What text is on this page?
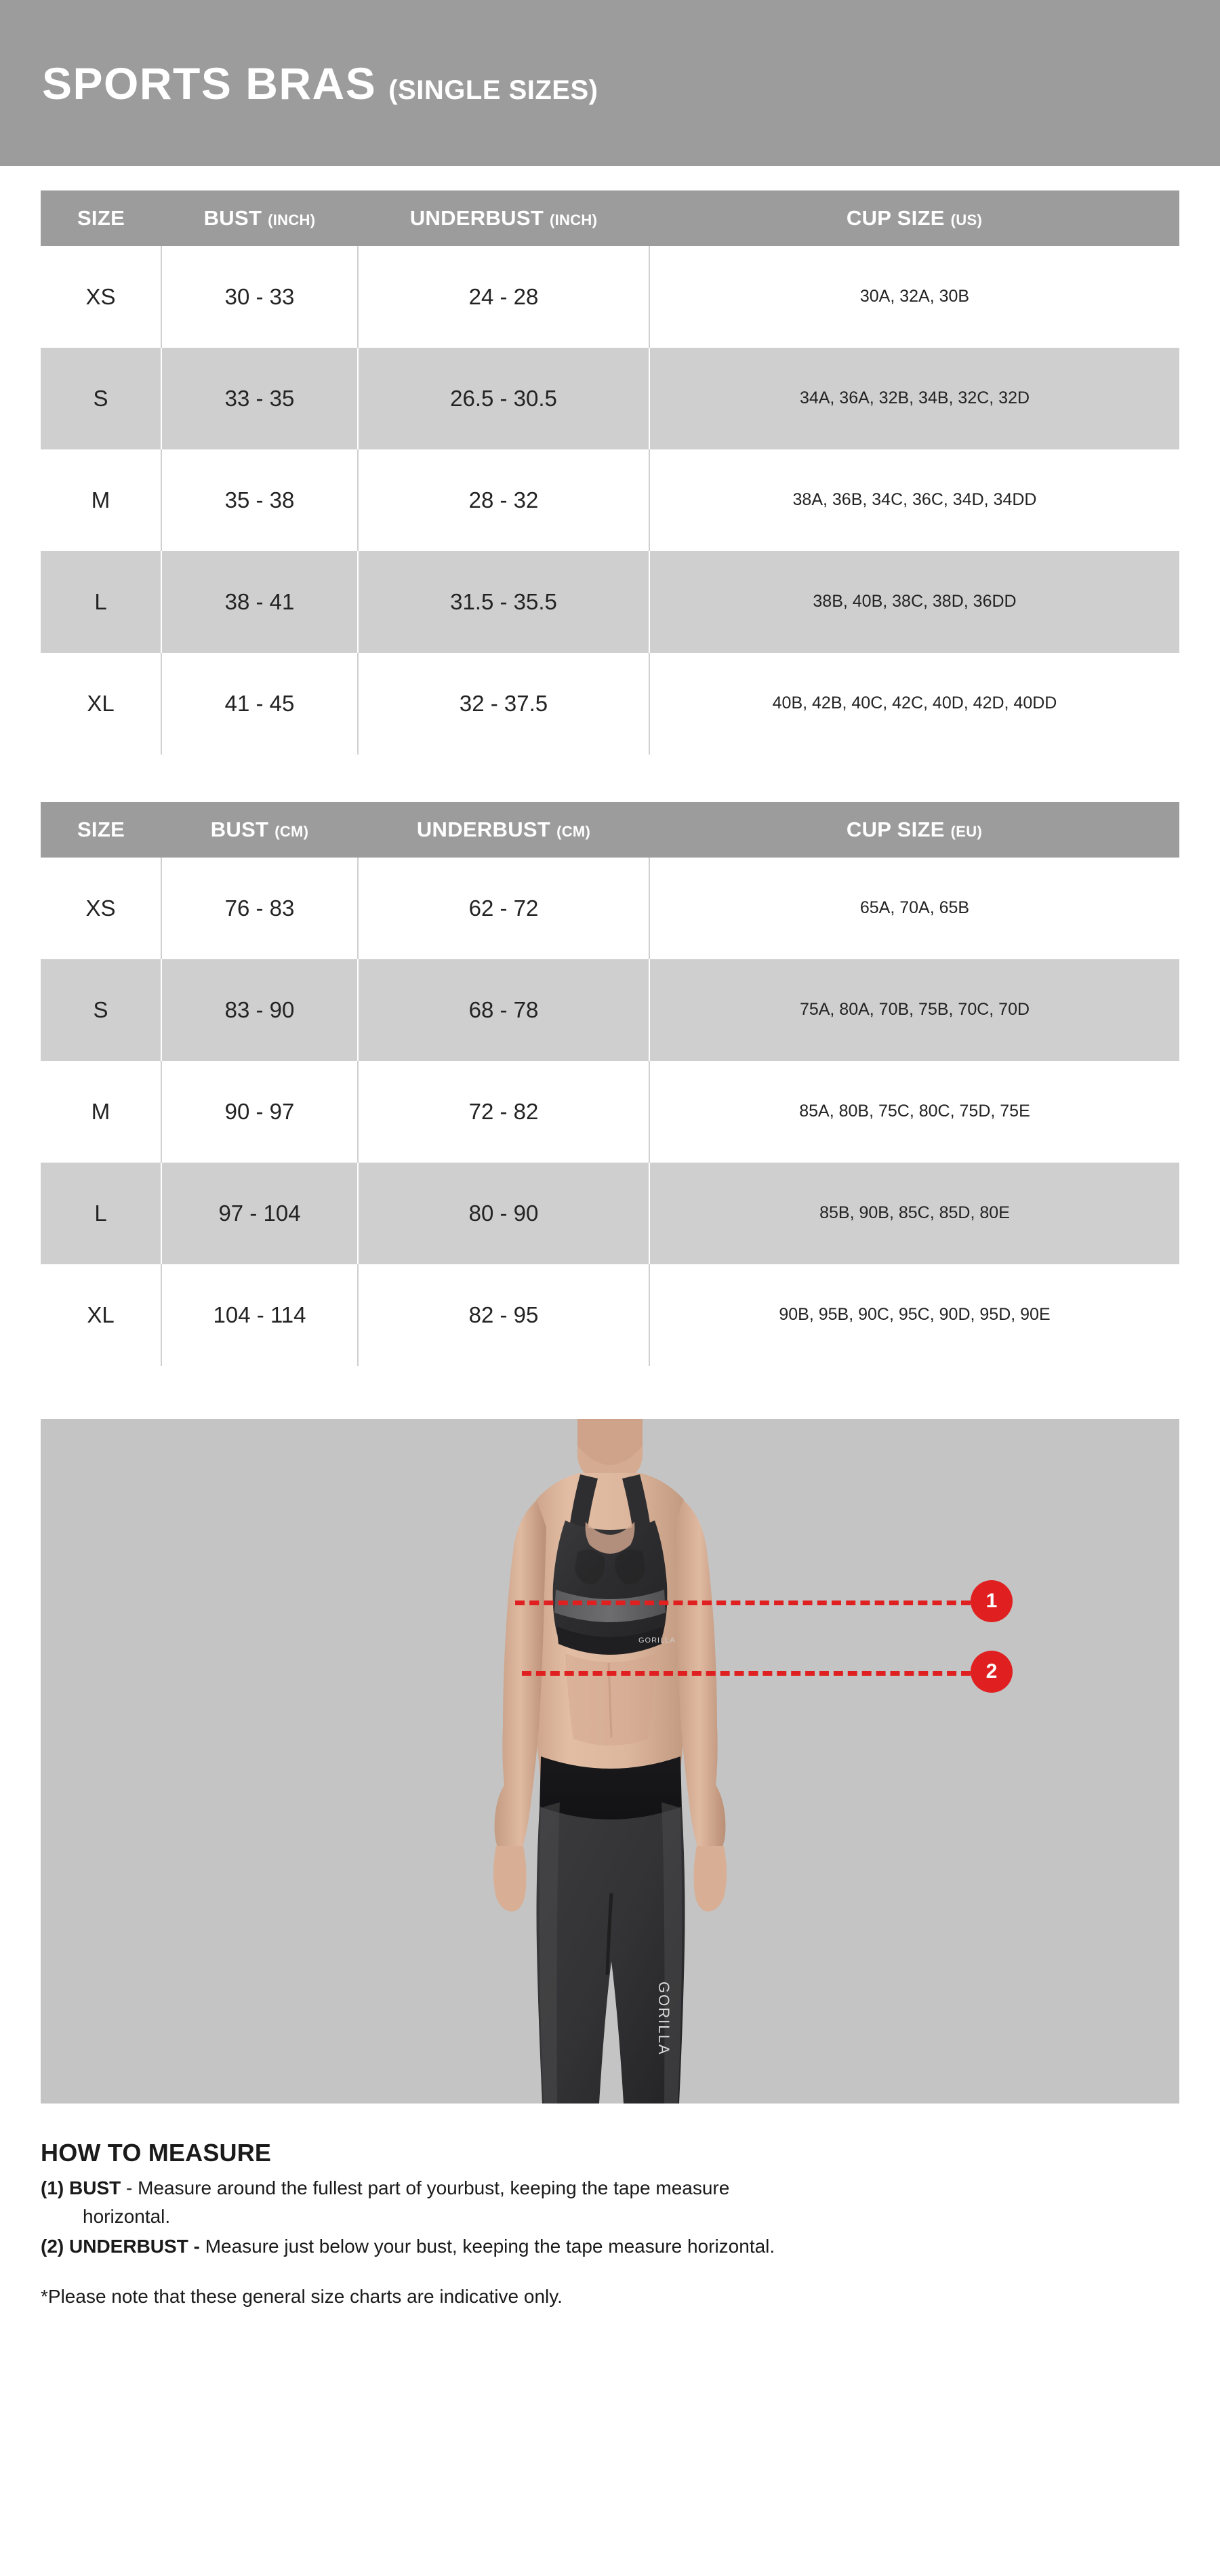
SPORTS BRAS (SINGLE SIZES)
SIZE	BUST (INCH)	UNDERBUST (INCH)	CUP SIZE (US)
XS	30 - 33	24 - 28	30A, 32A, 30B
S	33 - 35	26.5 - 30.5	34A, 36A, 32B, 34B, 32C, 32D
M	35 - 38	28 - 32	38A, 36B, 34C, 36C, 34D, 34DD
L	38 - 41	31.5 - 35.5	38B, 40B, 38C, 38D, 36DD
XL	41 - 45	32 - 37.5	40B, 42B, 40C, 42C, 40D, 42D, 40DD
SIZE	BUST (CM)	UNDERBUST (CM)	CUP SIZE (EU)
XS	76 - 83	62 - 72	65A, 70A, 65B
S	83 - 90	68 - 78	75A, 80A, 70B, 75B, 70C, 70D
M	90 - 97	72 - 82	85A, 80B, 75C, 80C, 75D, 75E
L	97 - 104	80 - 90	85B, 90B, 85C, 85D, 80E
XL	104 - 114	82 - 95	90B, 95B, 90C, 95C, 90D, 95D, 90E
GORILLA
GORILLA
1
2
HOW TO MEASURE
(1) BUST - Measure around the fullest part of yourbust, keeping the tape measure
horizontal.
(2) UNDERBUST - Measure just below your bust, keeping the tape measure horizontal.
*Please note that these general size charts are indicative only.
